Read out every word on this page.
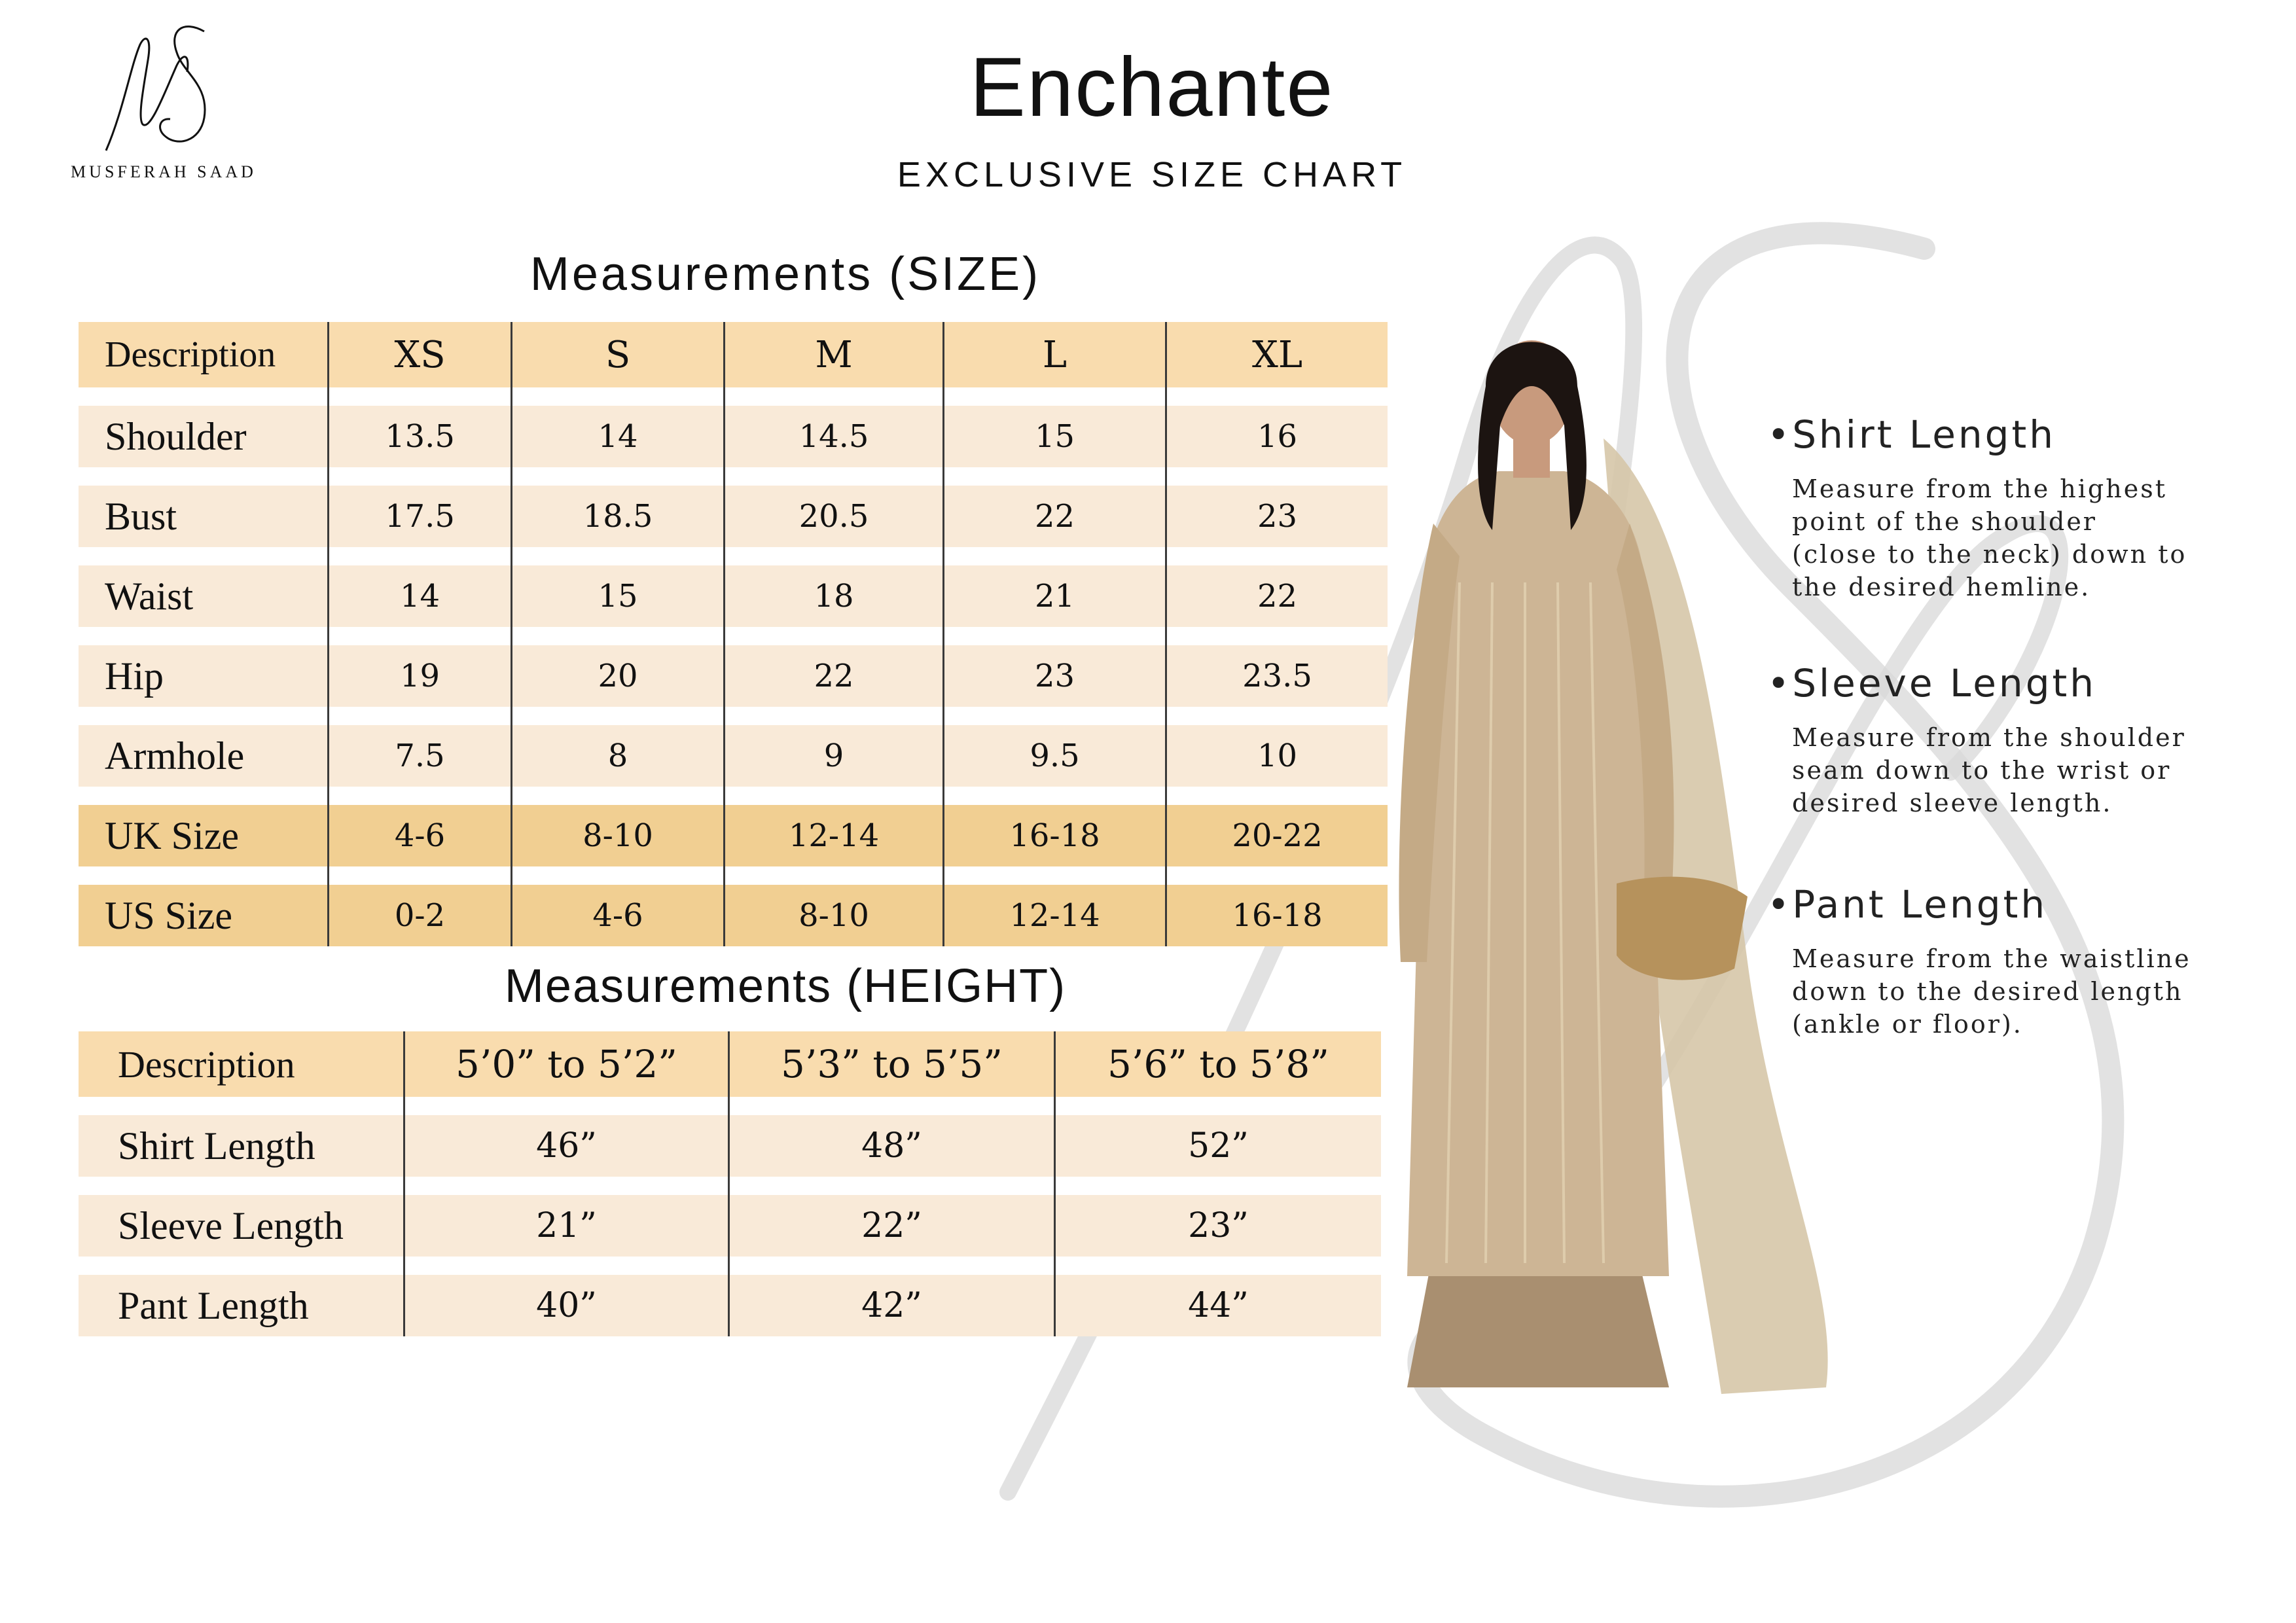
MUSFERAH SAAD
Enchante
EXCLUSIVE SIZE CHART
Measurements (SIZE)
Description	XS	S	M	L	XL

Shoulder	13.5	14	14.5	15	16

Bust	17.5	18.5	20.5	22	23

Waist	14	15	18	21	22

Hip	19	20	22	23	23.5

Armhole	7.5	8	9	9.5	10

UK Size	4-6	8-10	12-14	16-18	20-22

US Size	0-2	4-6	8-10	12-14	16-18
Measurements (HEIGHT)
Description	5’0” to 5’2”	5’3” to 5’5”	5’6” to 5’8”

Shirt Length	46”	48”	52”

Sleeve Length	21”	22”	23”

Pant Length	40”	42”	44”
•Shirt Length

Measure from the highest
point of the shoulder
(close to the neck) down to
the desired hemline.

•Sleeve Length

Measure from the shoulder
seam down to the wrist or
desired sleeve length.

•Pant Length

Measure from the waistline
down to the desired length
(ankle or floor).
